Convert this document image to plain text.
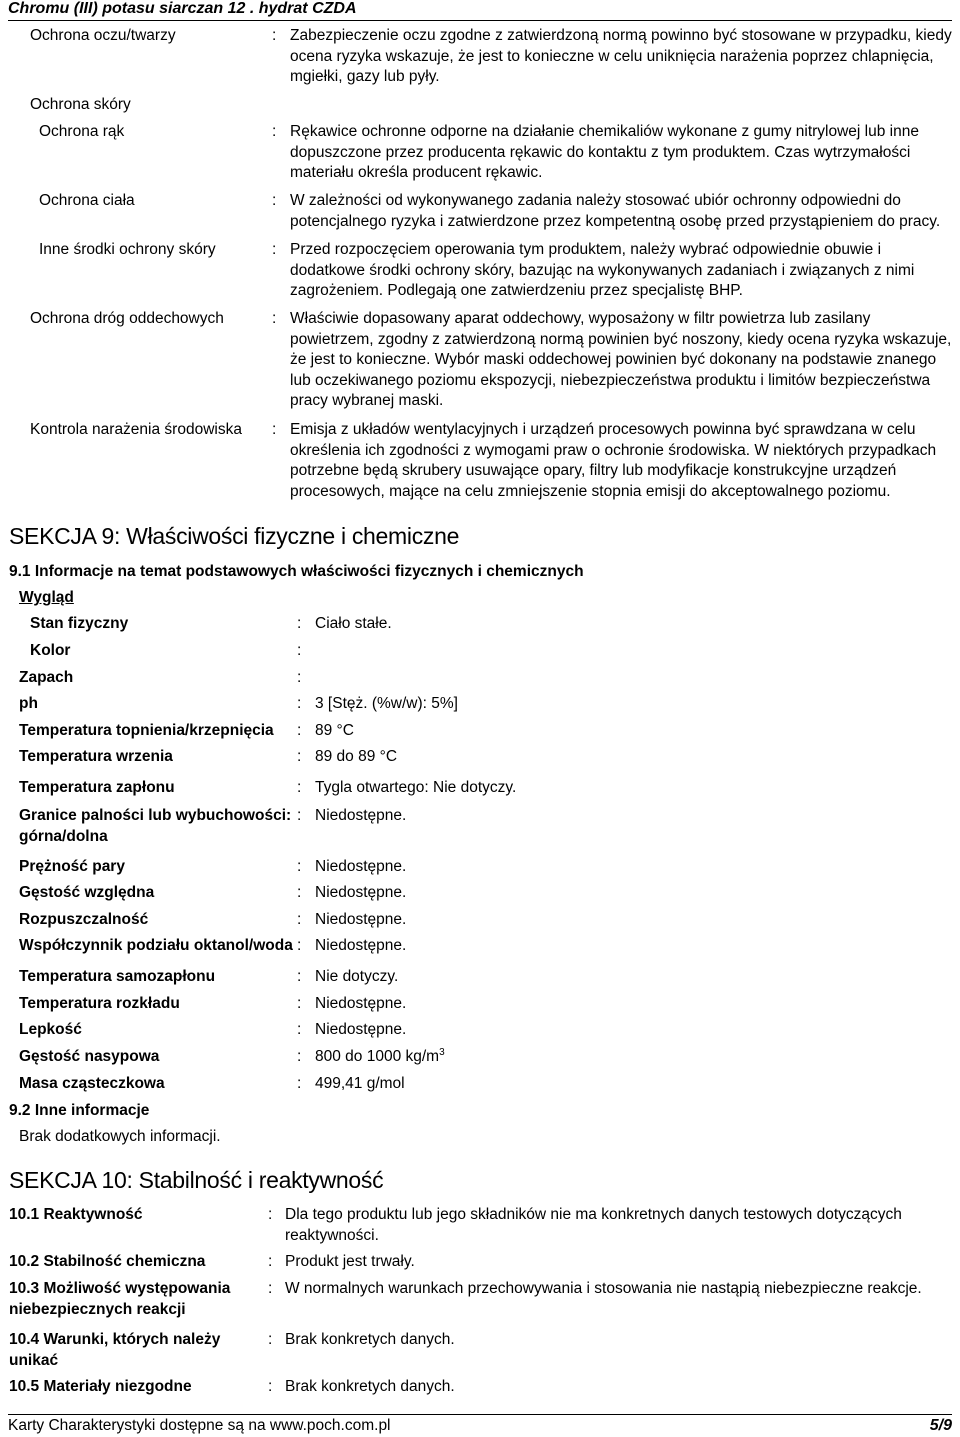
Chromu (III) potasu siarczan 12 . hydrat CZDA
Ochrona oczu/twarzy	: Zabezpieczenie oczu zgodne z zatwierdzoną normą powinno być stosowane w przypadku, kiedy ocena ryzyka wskazuje, że jest to konieczne w celu uniknięcia narażenia poprzez chlapnięcia, mgiełki, gazy lub pyły.
Ochrona skóry
Ochrona rąk	: Rękawice ochronne odporne na działanie chemikaliów wykonane z gumy nitrylowej lub inne dopuszczone przez producenta rękawic do kontaktu z tym produktem. Czas wytrzymałości materiału określa producent rękawic.
Ochrona ciała	: W zależności od wykonywanego zadania należy stosować ubiór ochronny odpowiedni do potencjalnego ryzyka i zatwierdzone przez kompetentną osobę przed przystąpieniem do pracy.
Inne środki ochrony skóry	: Przed rozpoczęciem operowania tym produktem, należy wybrać odpowiednie obuwie i dodatkowe środki ochrony skóry, bazując na wykonywanych zadaniach i związanych z nimi zagrożeniem. Podlegają one zatwierdzeniu przez specjalistę BHP.
Ochrona dróg oddechowych	: Właściwie dopasowany aparat oddechowy, wyposażony w filtr powietrza lub zasilany powietrzem, zgodny z zatwierdzoną normą powinien być noszony, kiedy ocena ryzyka wskazuje, że jest to konieczne. Wybór maski oddechowej powinien być dokonany na podstawie znanego lub oczekiwanego poziomu ekspozycji, niebezpieczeństwa produktu i limitów bezpieczeństwa pracy wybranej maski.
Kontrola narażenia środowiska : Emisja z układów wentylacyjnych i urządzeń procesowych powinna być sprawdzana w celu określenia ich zgodności z wymogami praw o ochronie środowiska. W niektórych przypadkach potrzebne będą skrubery usuwające opary, filtry lub modyfikacje konstrukcyjne urządzeń procesowych, mające na celu zmniejszenie stopnia emisji do akceptowalnego poziomu.
SEKCJA 9: Właściwości fizyczne i chemiczne
9.1 Informacje na temat podstawowych właściwości fizycznych i chemicznych
Wygląd
Stan fizyczny	: Ciało stałe.
Kolor	:
Zapach	:
ph	: 3 [Stęż. (%w/w): 5%]
Temperatura topnienia/krzepnięcia : 89 °C
Temperatura wrzenia	: 89 do 89 °C
Temperatura zapłonu	: Tygla otwartego: Nie dotyczy.
Granice palności lub wybuchowości:
górna/dolna
: Niedostępne.
Prężność pary	: Niedostępne.
Gęstość względna	: Niedostępne.
Rozpuszczalność	: Niedostępne.
Współczynnik podziału oktanol/woda : Niedostępne.
Temperatura samozapłonu	: Nie dotyczy.
Temperatura rozkładu	: Niedostępne.
Lepkość	: Niedostępne.
Gęstość nasypowa	: 800 do 1000 $kg/m^3$
Masa cząsteczkowa	: 499,41 g/mol
9.2 Inne informacje
Brak dodatkowych informacji.
SEKCJA 10: Stabilność i reaktywność
10.1 Reaktywność	: Dla tego produktu lub jego składników nie ma konkretnych danych testowych dotyczących reaktywności.
10.2 Stabilność chemiczna	: Produkt jest trwały.
10.3 Możliwość występowania niebezpiecznych reakcji
: W normalnych warunkach przechowywania i stosowania nie nastąpią niebezpieczne reakcje.
10.4 Warunki, których należy unikać
: Brak konkretych danych.
10.5 Materiały niezgodne	: Brak konkretych danych.
Karty Charakterystyki dostępne są na www.poch.com.pl	5/9
